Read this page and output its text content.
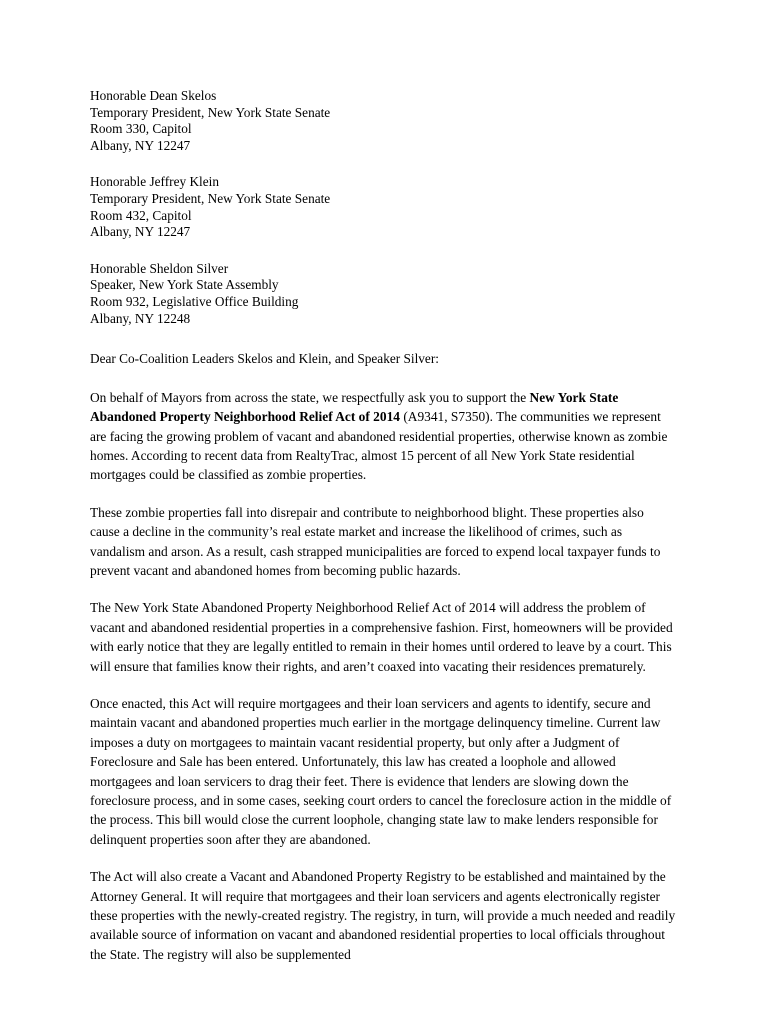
Honorable Dean Skelos
Temporary President, New York State Senate
Room 330, Capitol
Albany, NY 12247
Honorable Jeffrey Klein
Temporary President, New York State Senate
Room 432, Capitol
Albany, NY 12247
Honorable Sheldon Silver
Speaker, New York State Assembly
Room 932, Legislative Office Building
Albany, NY 12248
Dear Co-Coalition Leaders Skelos and Klein, and Speaker Silver:

On behalf of Mayors from across the state, we respectfully ask you to support the New York State Abandoned Property Neighborhood Relief Act of 2014 (A9341, S7350). The communities we represent are facing the growing problem of vacant and abandoned residential properties, otherwise known as zombie homes. According to recent data from RealtyTrac, almost 15 percent of all New York State residential mortgages could be classified as zombie properties.

These zombie properties fall into disrepair and contribute to neighborhood blight. These properties also cause a decline in the community’s real estate market and increase the likelihood of crimes, such as vandalism and arson. As a result, cash strapped municipalities are forced to expend local taxpayer funds to prevent vacant and abandoned homes from becoming public hazards.

The New York State Abandoned Property Neighborhood Relief Act of 2014 will address the problem of vacant and abandoned residential properties in a comprehensive fashion. First, homeowners will be provided with early notice that they are legally entitled to remain in their homes until ordered to leave by a court. This will ensure that families know their rights, and aren’t coaxed into vacating their residences prematurely.

Once enacted, this Act will require mortgagees and their loan servicers and agents to identify, secure and maintain vacant and abandoned properties much earlier in the mortgage delinquency timeline. Current law imposes a duty on mortgagees to maintain vacant residential property, but only after a Judgment of Foreclosure and Sale has been entered. Unfortunately, this law has created a loophole and allowed mortgagees and loan servicers to drag their feet. There is evidence that lenders are slowing down the foreclosure process, and in some cases, seeking court orders to cancel the foreclosure action in the middle of the process. This bill would close the current loophole, changing state law to make lenders responsible for delinquent properties soon after they are abandoned.

The Act will also create a Vacant and Abandoned Property Registry to be established and maintained by the Attorney General. It will require that mortgagees and their loan servicers and agents electronically register these properties with the newly-created registry. The registry, in turn, will provide a much needed and readily available source of information on vacant and abandoned residential properties to local officials throughout the State. The registry will also be supplemented
